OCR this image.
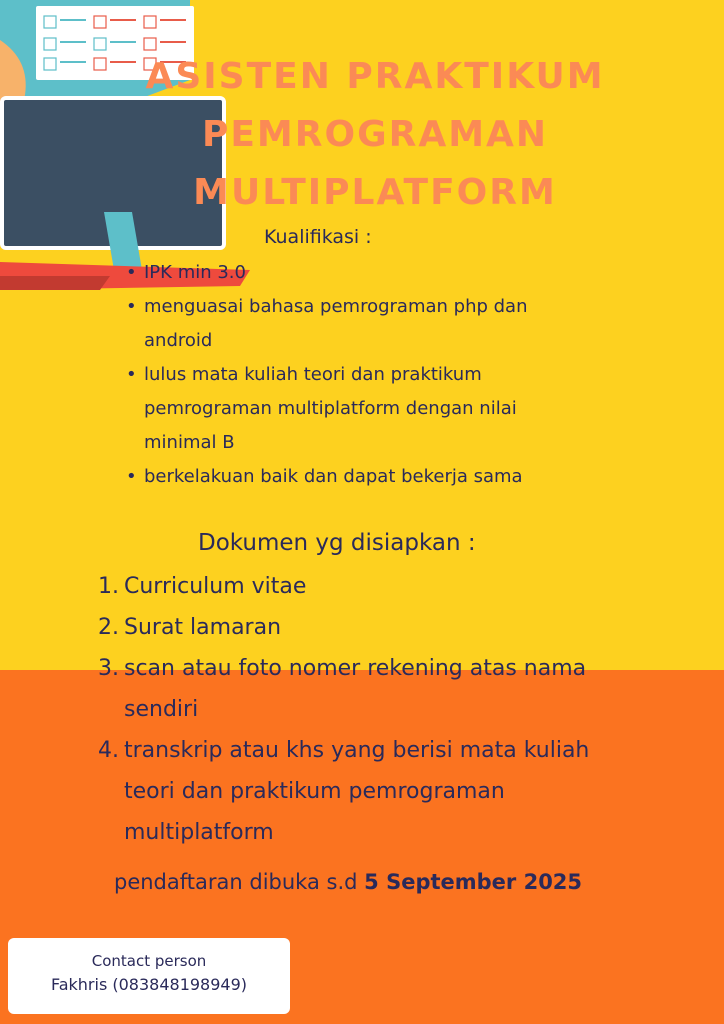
ASISTEN PRAKTIKUM
PEMROGRAMAN
MULTIPLATFORM
Kualifikasi :
• IPK min 3.0
• menguasai bahasa pemrograman php dan android
• lulus mata kuliah teori dan praktikum pemrograman multiplatform dengan nilai minimal B
• berkelakuan baik dan dapat bekerja sama
Dokumen yg disiapkan :
1. Curriculum vitae
2. Surat lamaran
3. scan atau foto nomer rekening atas nama sendiri
4. transkrip atau khs yang berisi mata kuliah teori dan praktikum pemrograman multiplatform
pendaftaran dibuka s.d 5 September 2025
Contact person
Fakhris (083848198949)
